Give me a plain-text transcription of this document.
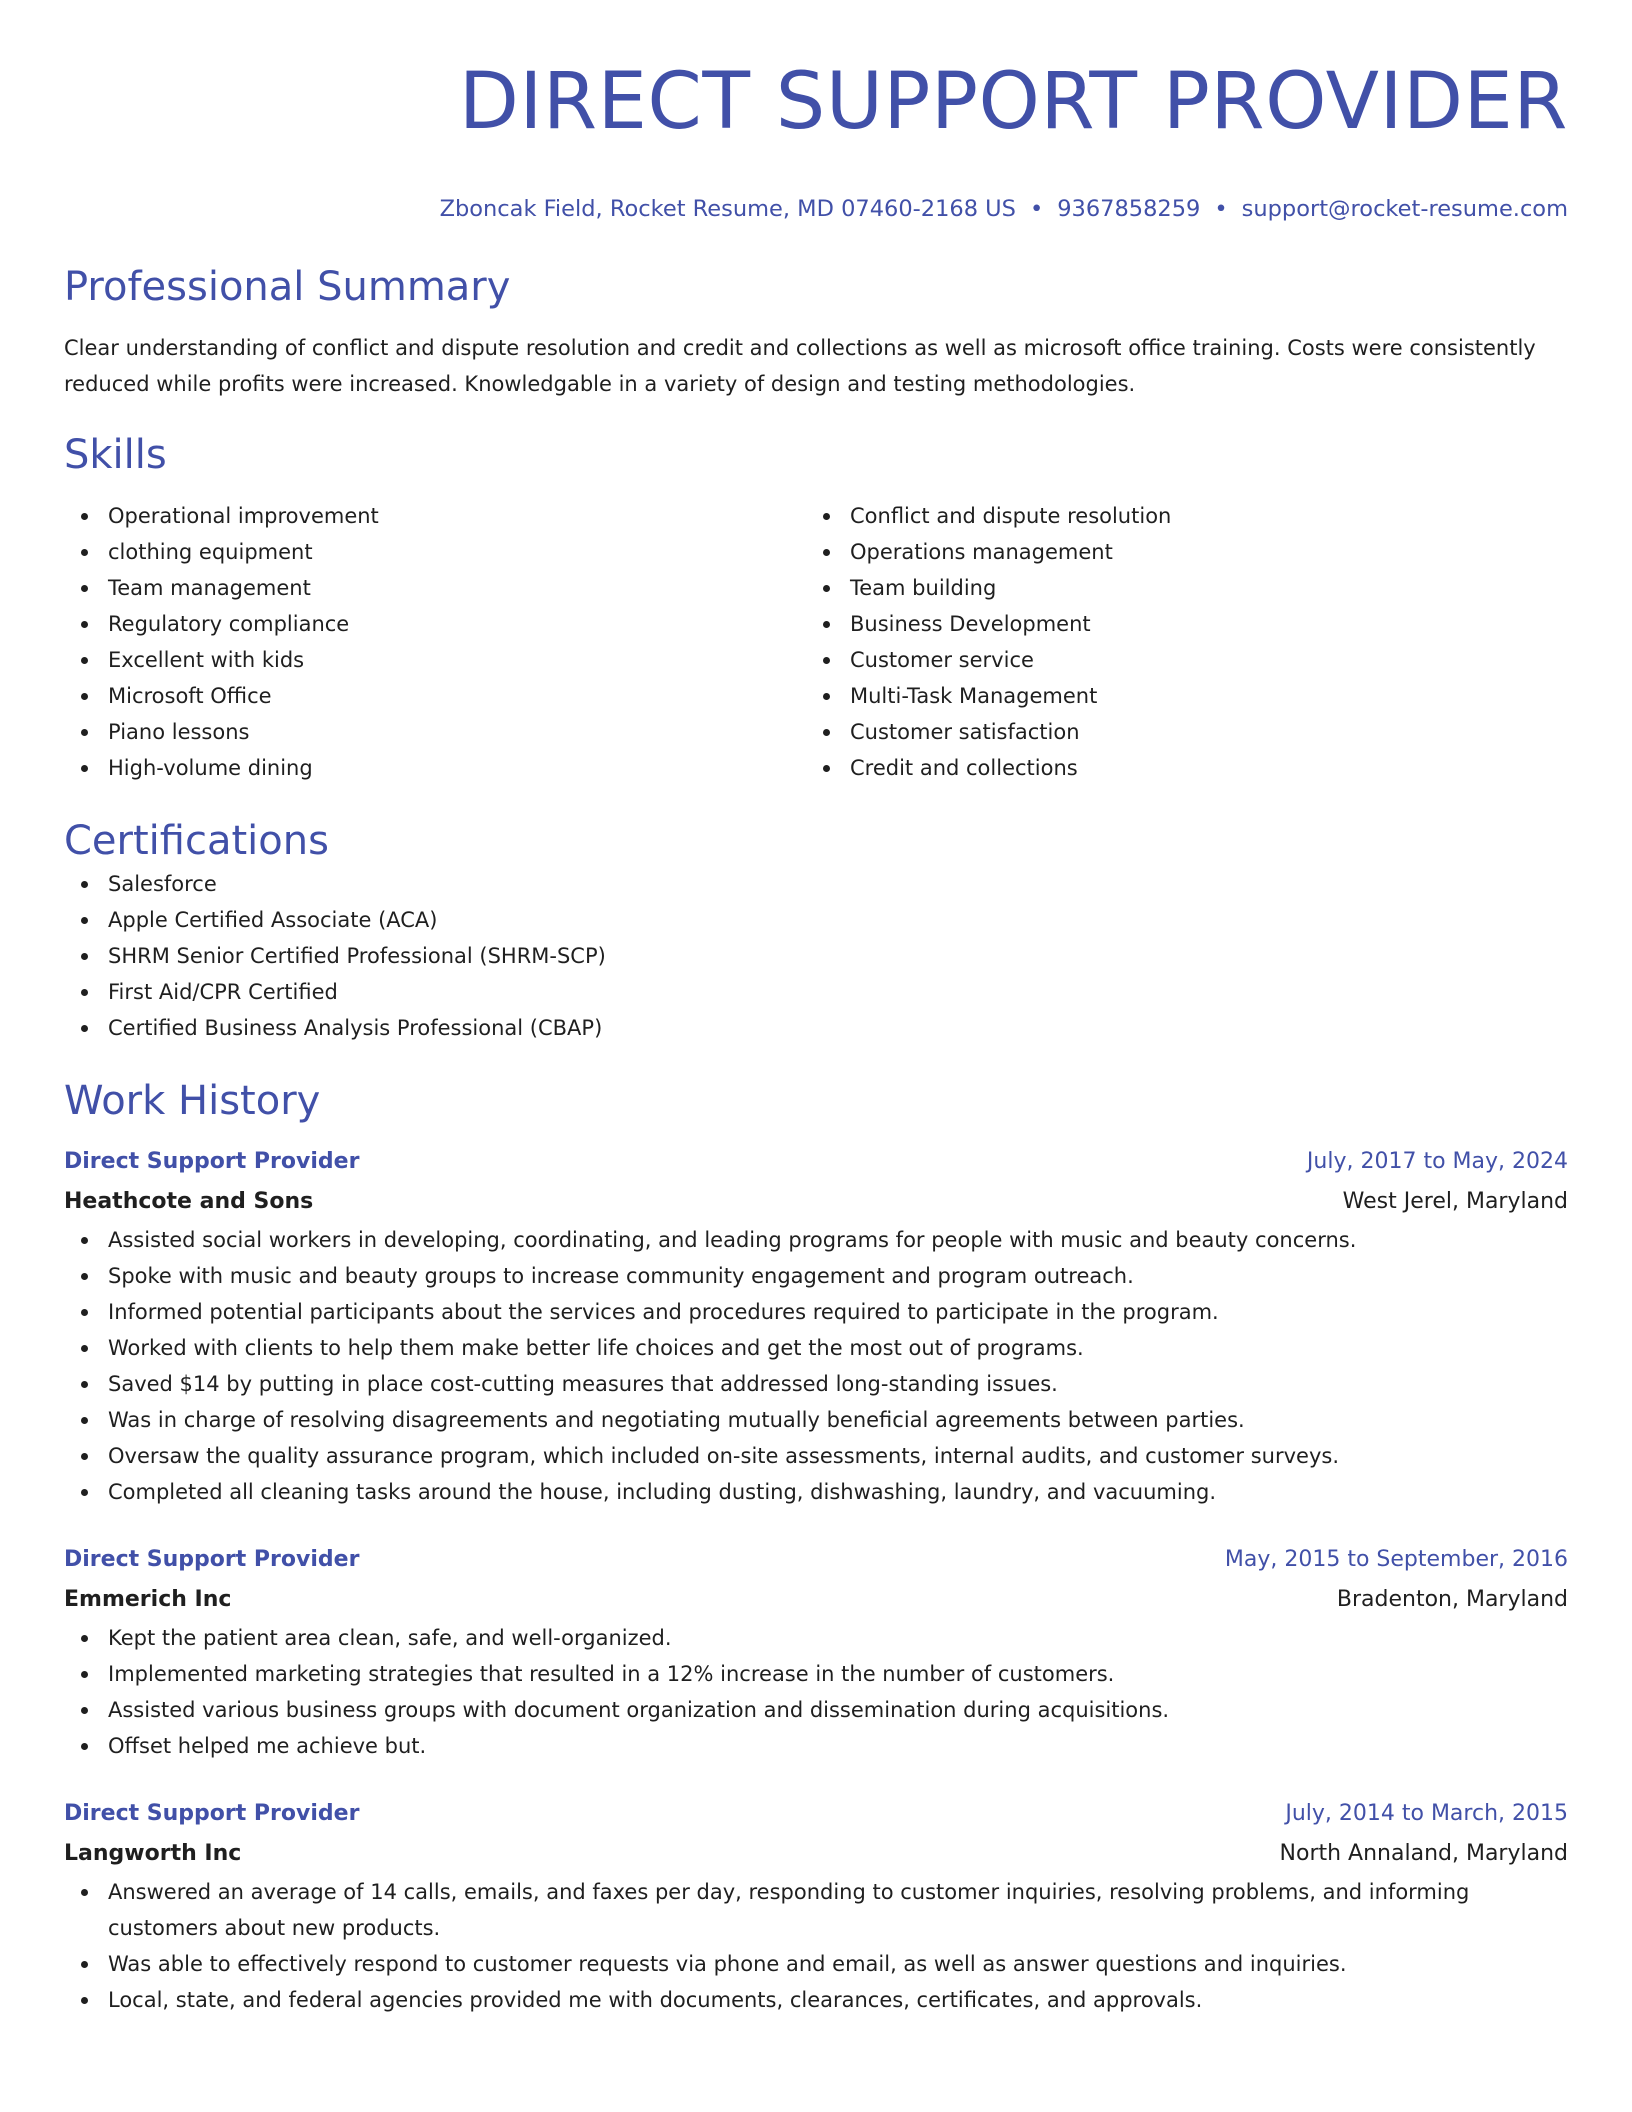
DIRECT SUPPORT PROVIDER
Zboncak Field, Rocket Resume, MD 07460-2168 US • 9367858259 • support@rocket-resume.com
Professional Summary
Clear understanding of conflict and dispute resolution and credit and collections as well as microsoft office training. Costs were consistently reduced while profits were increased. Knowledgable in a variety of design and testing methodologies.
Skills
Operational improvement
clothing equipment
Team management
Regulatory compliance
Excellent with kids
Microsoft Office
Piano lessons
High-volume dining
Conflict and dispute resolution
Operations management
Team building
Business Development
Customer service
Multi-Task Management
Customer satisfaction
Credit and collections
Certifications
Salesforce
Apple Certified Associate (ACA)
SHRM Senior Certified Professional (SHRM-SCP)
First Aid/CPR Certified
Certified Business Analysis Professional (CBAP)
Work History
Direct Support Provider	July, 2017 to May, 2024
Heathcote and Sons	West Jerel, Maryland
Assisted social workers in developing, coordinating, and leading programs for people with music and beauty concerns.
Spoke with music and beauty groups to increase community engagement and program outreach.
Informed potential participants about the services and procedures required to participate in the program.
Worked with clients to help them make better life choices and get the most out of programs.
Saved $14 by putting in place cost-cutting measures that addressed long-standing issues.
Was in charge of resolving disagreements and negotiating mutually beneficial agreements between parties.
Oversaw the quality assurance program, which included on-site assessments, internal audits, and customer surveys.
Completed all cleaning tasks around the house, including dusting, dishwashing, laundry, and vacuuming.
Direct Support Provider	May, 2015 to September, 2016
Emmerich Inc	Bradenton, Maryland
Kept the patient area clean, safe, and well-organized.
Implemented marketing strategies that resulted in a 12% increase in the number of customers.
Assisted various business groups with document organization and dissemination during acquisitions.
Offset helped me achieve but.
Direct Support Provider	July, 2014 to March, 2015
Langworth Inc	North Annaland, Maryland
Answered an average of 14 calls, emails, and faxes per day, responding to customer inquiries, resolving problems, and informing customers about new products.
Was able to effectively respond to customer requests via phone and email, as well as answer questions and inquiries.
Local, state, and federal agencies provided me with documents, clearances, certificates, and approvals.
